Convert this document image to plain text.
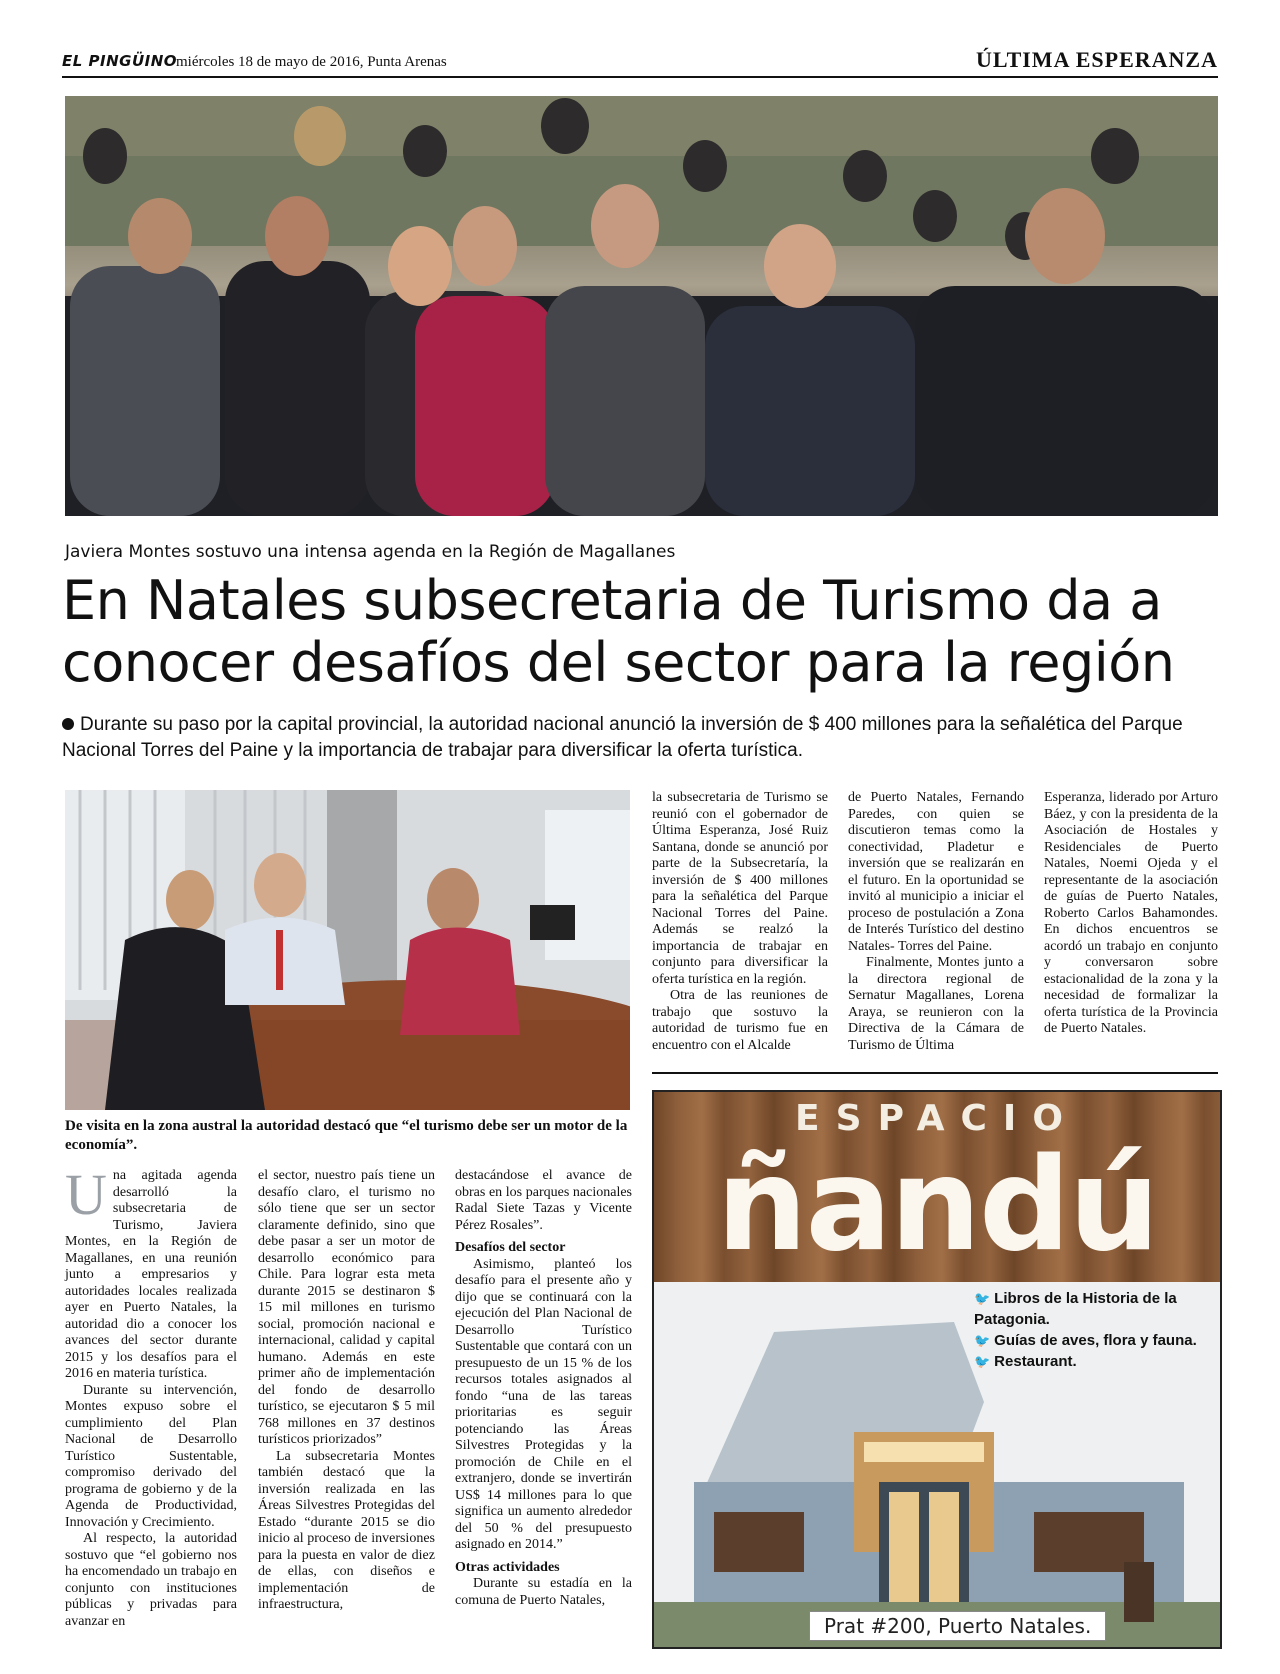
EL PINGÜINO
miércoles 18 de mayo de 2016, Punta Arenas	ÚLTIMA ESPERANZA
Javiera Montes sostuvo una intensa agenda en la Región de Magallanes
En Natales subsecretaria de Turismo da a conocer desafíos del sector para la región

Durante su paso por la capital provincial, la autoridad nacional anunció la inversión de $ 400 millones para la señalética del Parque Nacional Torres del Paine y la importancia de trabajar para diversificar la oferta turística.

De visita en la zona austral la autoridad destacó que “el turismo debe ser un motor de la economía”.

Una agitada agenda desarrolló la subsecretaria de Turismo, Javiera Montes, en la Región de Magallanes, en una reunión junto a empresarios y autoridades locales realizada ayer en Puerto Natales, la autoridad dio a conocer los avances del sector durante 2015 y los desafíos para el 2016 en materia turística.

Durante su intervención, Montes expuso sobre el cumplimiento del Plan Nacional de Desarrollo Turístico Sustentable, compromiso derivado del programa de gobierno y de la Agenda de Productividad, Innovación y Crecimiento.

Al respecto, la autoridad sostuvo que “el gobierno nos ha encomendado un trabajo en conjunto con instituciones públicas y privadas para avanzar en

el sector, nuestro país tiene un desafío claro, el turismo no sólo tiene que ser un sector claramente definido, sino que debe pasar a ser un motor de desarrollo económico para Chile. Para lograr esta meta durante 2015 se destinaron $ 15 mil millones en turismo social, promoción nacional e internacional, calidad y capital humano. Además en este primer año de implementación del fondo de desarrollo turístico, se ejecutaron $ 5 mil 768 millones en 37 destinos turísticos priorizados”

La subsecretaria Montes también destacó que la inversión realizada en las Áreas Silvestres Protegidas del Estado “durante 2015 se dio inicio al proceso de inversiones para la puesta en valor de diez de ellas, con diseños e implementación de infraestructura,

destacándose el avance de obras en los parques nacionales Radal Siete Tazas y Vicente Pérez Rosales”.

Desafíos del sector

Asimismo, planteó los desafío para el presente año y dijo que se continuará con la ejecución del Plan Nacional de Desarrollo Turístico Sustentable que contará con un presupuesto de un 15 % de los recursos totales asignados al fondo “una de las tareas prioritarias es seguir potenciando las Áreas Silvestres Protegidas y la promoción de Chile en el extranjero, donde se invertirán US$ 14 millones para lo que significa un aumento alrededor del 50 % del presupuesto asignado en 2014.”

Otras actividades

Durante su estadía en la comuna de Puerto Natales,

la subsecretaria de Turismo se reunió con el gobernador de Última Esperanza, José Ruiz Santana, donde se anunció por parte de la Subsecretaría, la inversión de $ 400 millones para la señalética del Parque Nacional Torres del Paine. Además se realzó la importancia de trabajar en conjunto para diversificar la oferta turística en la región.

Otra de las reuniones de trabajo que sostuvo la autoridad de turismo fue en encuentro con el Alcalde

de Puerto Natales, Fernando Paredes, con quien se discutieron temas como la conectividad, Pladetur e inversión que se realizarán en el futuro. En la oportunidad se invitó al municipio a iniciar el proceso de postulación a Zona de Interés Turístico del destino Natales- Torres del Paine.

Finalmente, Montes junto a la directora regional de Sernatur Magallanes, Lorena Araya, se reunieron con la Directiva de la Cámara de Turismo de Última

Esperanza, liderado por Arturo Báez, y con la presidenta de la Asociación de Hostales y Residenciales de Puerto Natales, Noemi Ojeda y el representante de la asociación de guías de Puerto Natales, Roberto Carlos Bahamondes. En dichos encuentros se acordó un trabajo en conjunto y conversaron sobre estacionalidad de la zona y la necesidad de formalizar la oferta turística de la Provincia de Puerto Natales.

ESPACIO
ñandú
🐦 Libros de la Historia de la Patagonia.
🐦 Guías de aves, flora y fauna.
🐦 Restaurant.
Prat #200, Puerto Natales.
